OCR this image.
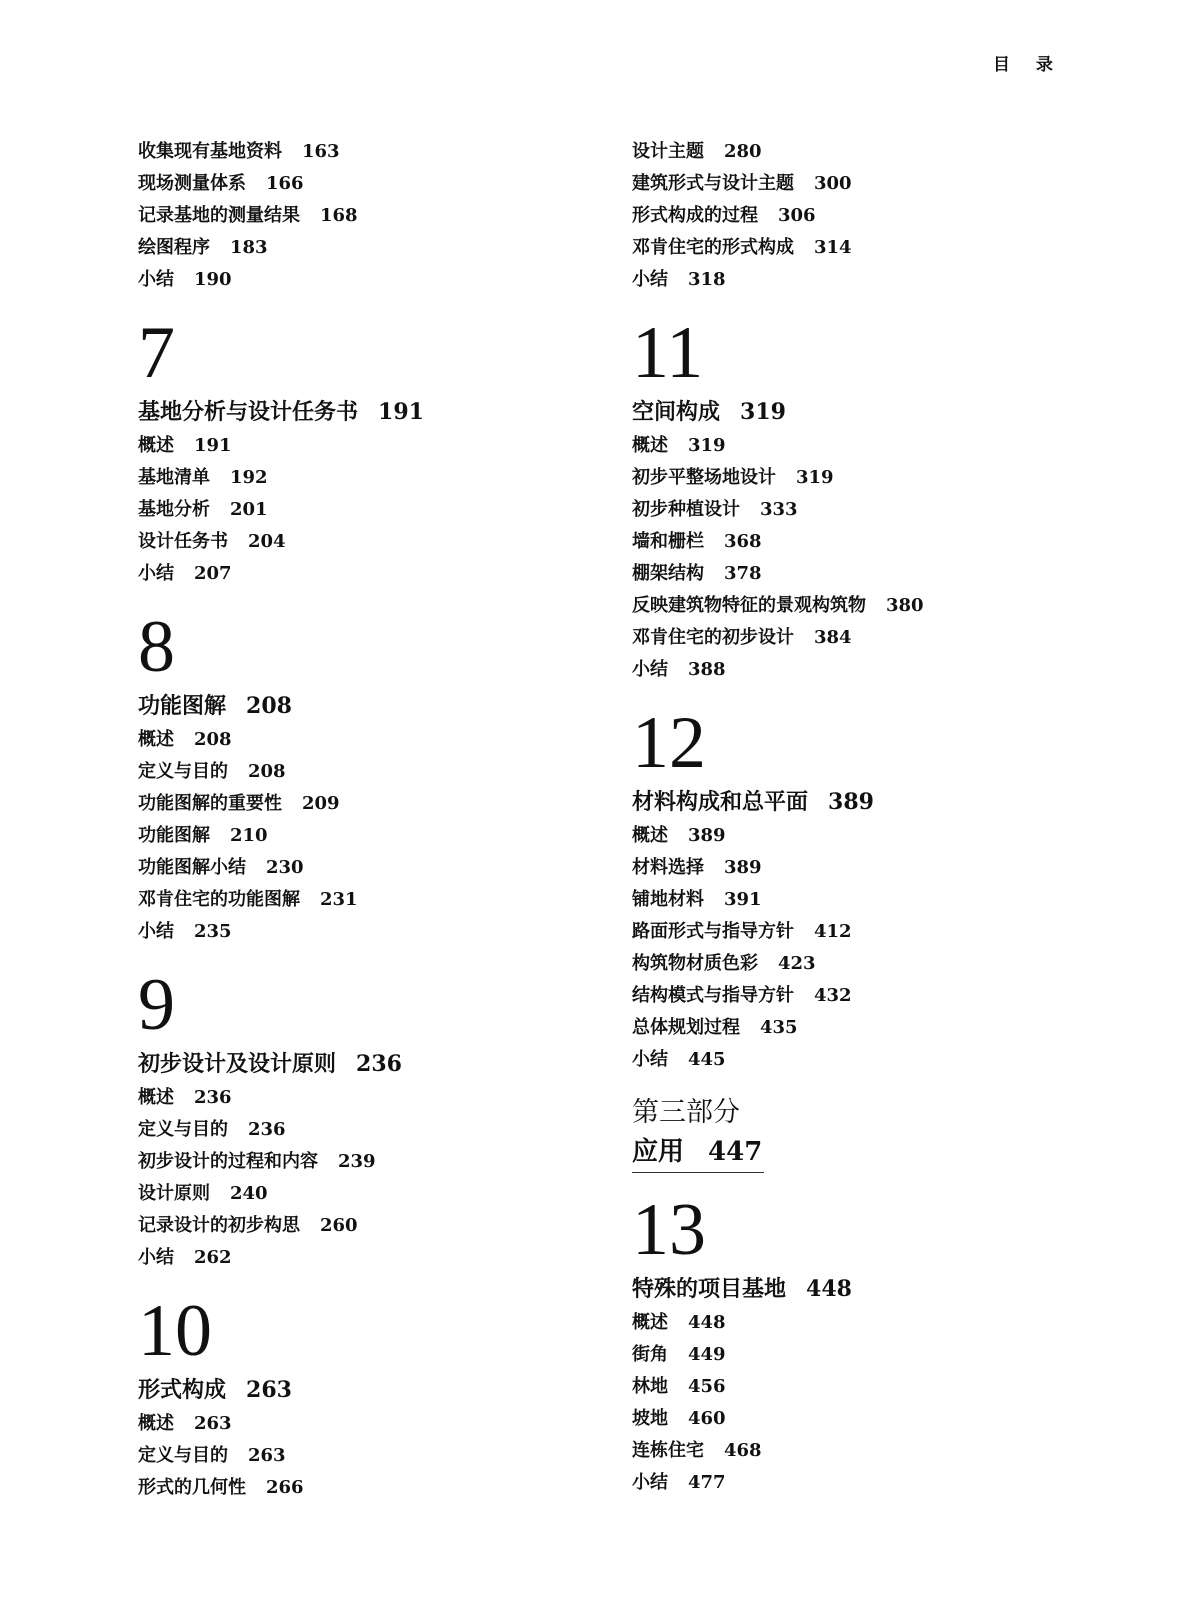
目 录
收集现有基地资料 163
现场测量体系 166
记录基地的测量结果 168
绘图程序 183
小结 190
7
基地分析与设计任务书 191
概述 191
基地清单 192
基地分析 201
设计任务书 204
小结 207
8
功能图解 208
概述 208
定义与目的 208
功能图解的重要性 209
功能图解 210
功能图解小结 230
邓肯住宅的功能图解 231
小结 235
9
初步设计及设计原则 236
概述 236
定义与目的 236
初步设计的过程和内容 239
设计原则 240
记录设计的初步构思 260
小结 262
10
形式构成 263
概述 263
定义与目的 263
形式的几何性 266
设计主题 280
建筑形式与设计主题 300
形式构成的过程 306
邓肯住宅的形式构成 314
小结 318
11
空间构成 319
概述 319
初步平整场地设计 319
初步种植设计 333
墙和栅栏 368
棚架结构 378
反映建筑物特征的景观构筑物 380
邓肯住宅的初步设计 384
小结 388
12
材料构成和总平面 389
概述 389
材料选择 389
铺地材料 391
路面形式与指导方针 412
构筑物材质色彩 423
结构模式与指导方针 432
总体规划过程 435
小结 445
第三部分
应用 447
13
特殊的项目基地 448
概述 448
街角 449
林地 456
坡地 460
连栋住宅 468
小结 477
